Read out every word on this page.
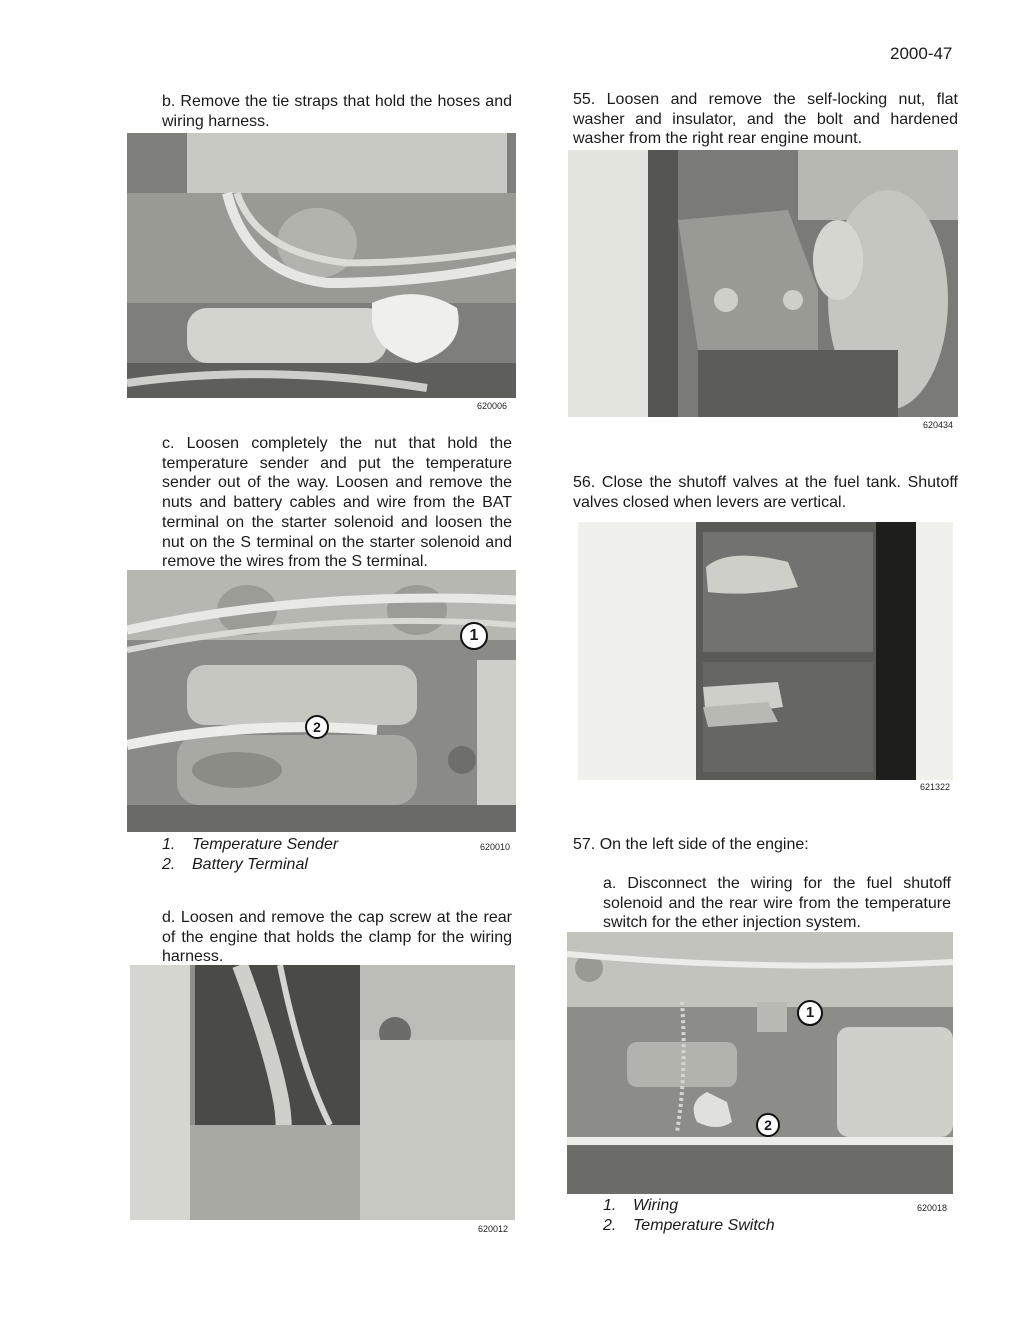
2000-47
b. Remove the tie straps that hold the hoses and wiring harness.
620006
c. Loosen completely the nut that hold the temperature sender and put the temperature sender out of the way. Loosen and remove the nuts and battery cables and wire from the BAT terminal on the starter solenoid and loosen the nut on the S terminal on the starter solenoid and remove the wires from the S terminal.
1
2
1. Temperature Sender
2. Battery Terminal
620010
d. Loosen and remove the cap screw at the rear of the engine that holds the clamp for the wiring harness.
620012
55. Loosen and remove the self-locking nut, flat washer and insulator, and the bolt and hardened washer from the right rear engine mount.
620434
56. Close the shutoff valves at the fuel tank. Shutoff valves closed when levers are vertical.
621322
57. On the left side of the engine:
a. Disconnect the wiring for the fuel shutoff solenoid and the rear wire from the temperature switch for the ether injection system.
1
2
1. Wiring
2. Temperature Switch
620018
